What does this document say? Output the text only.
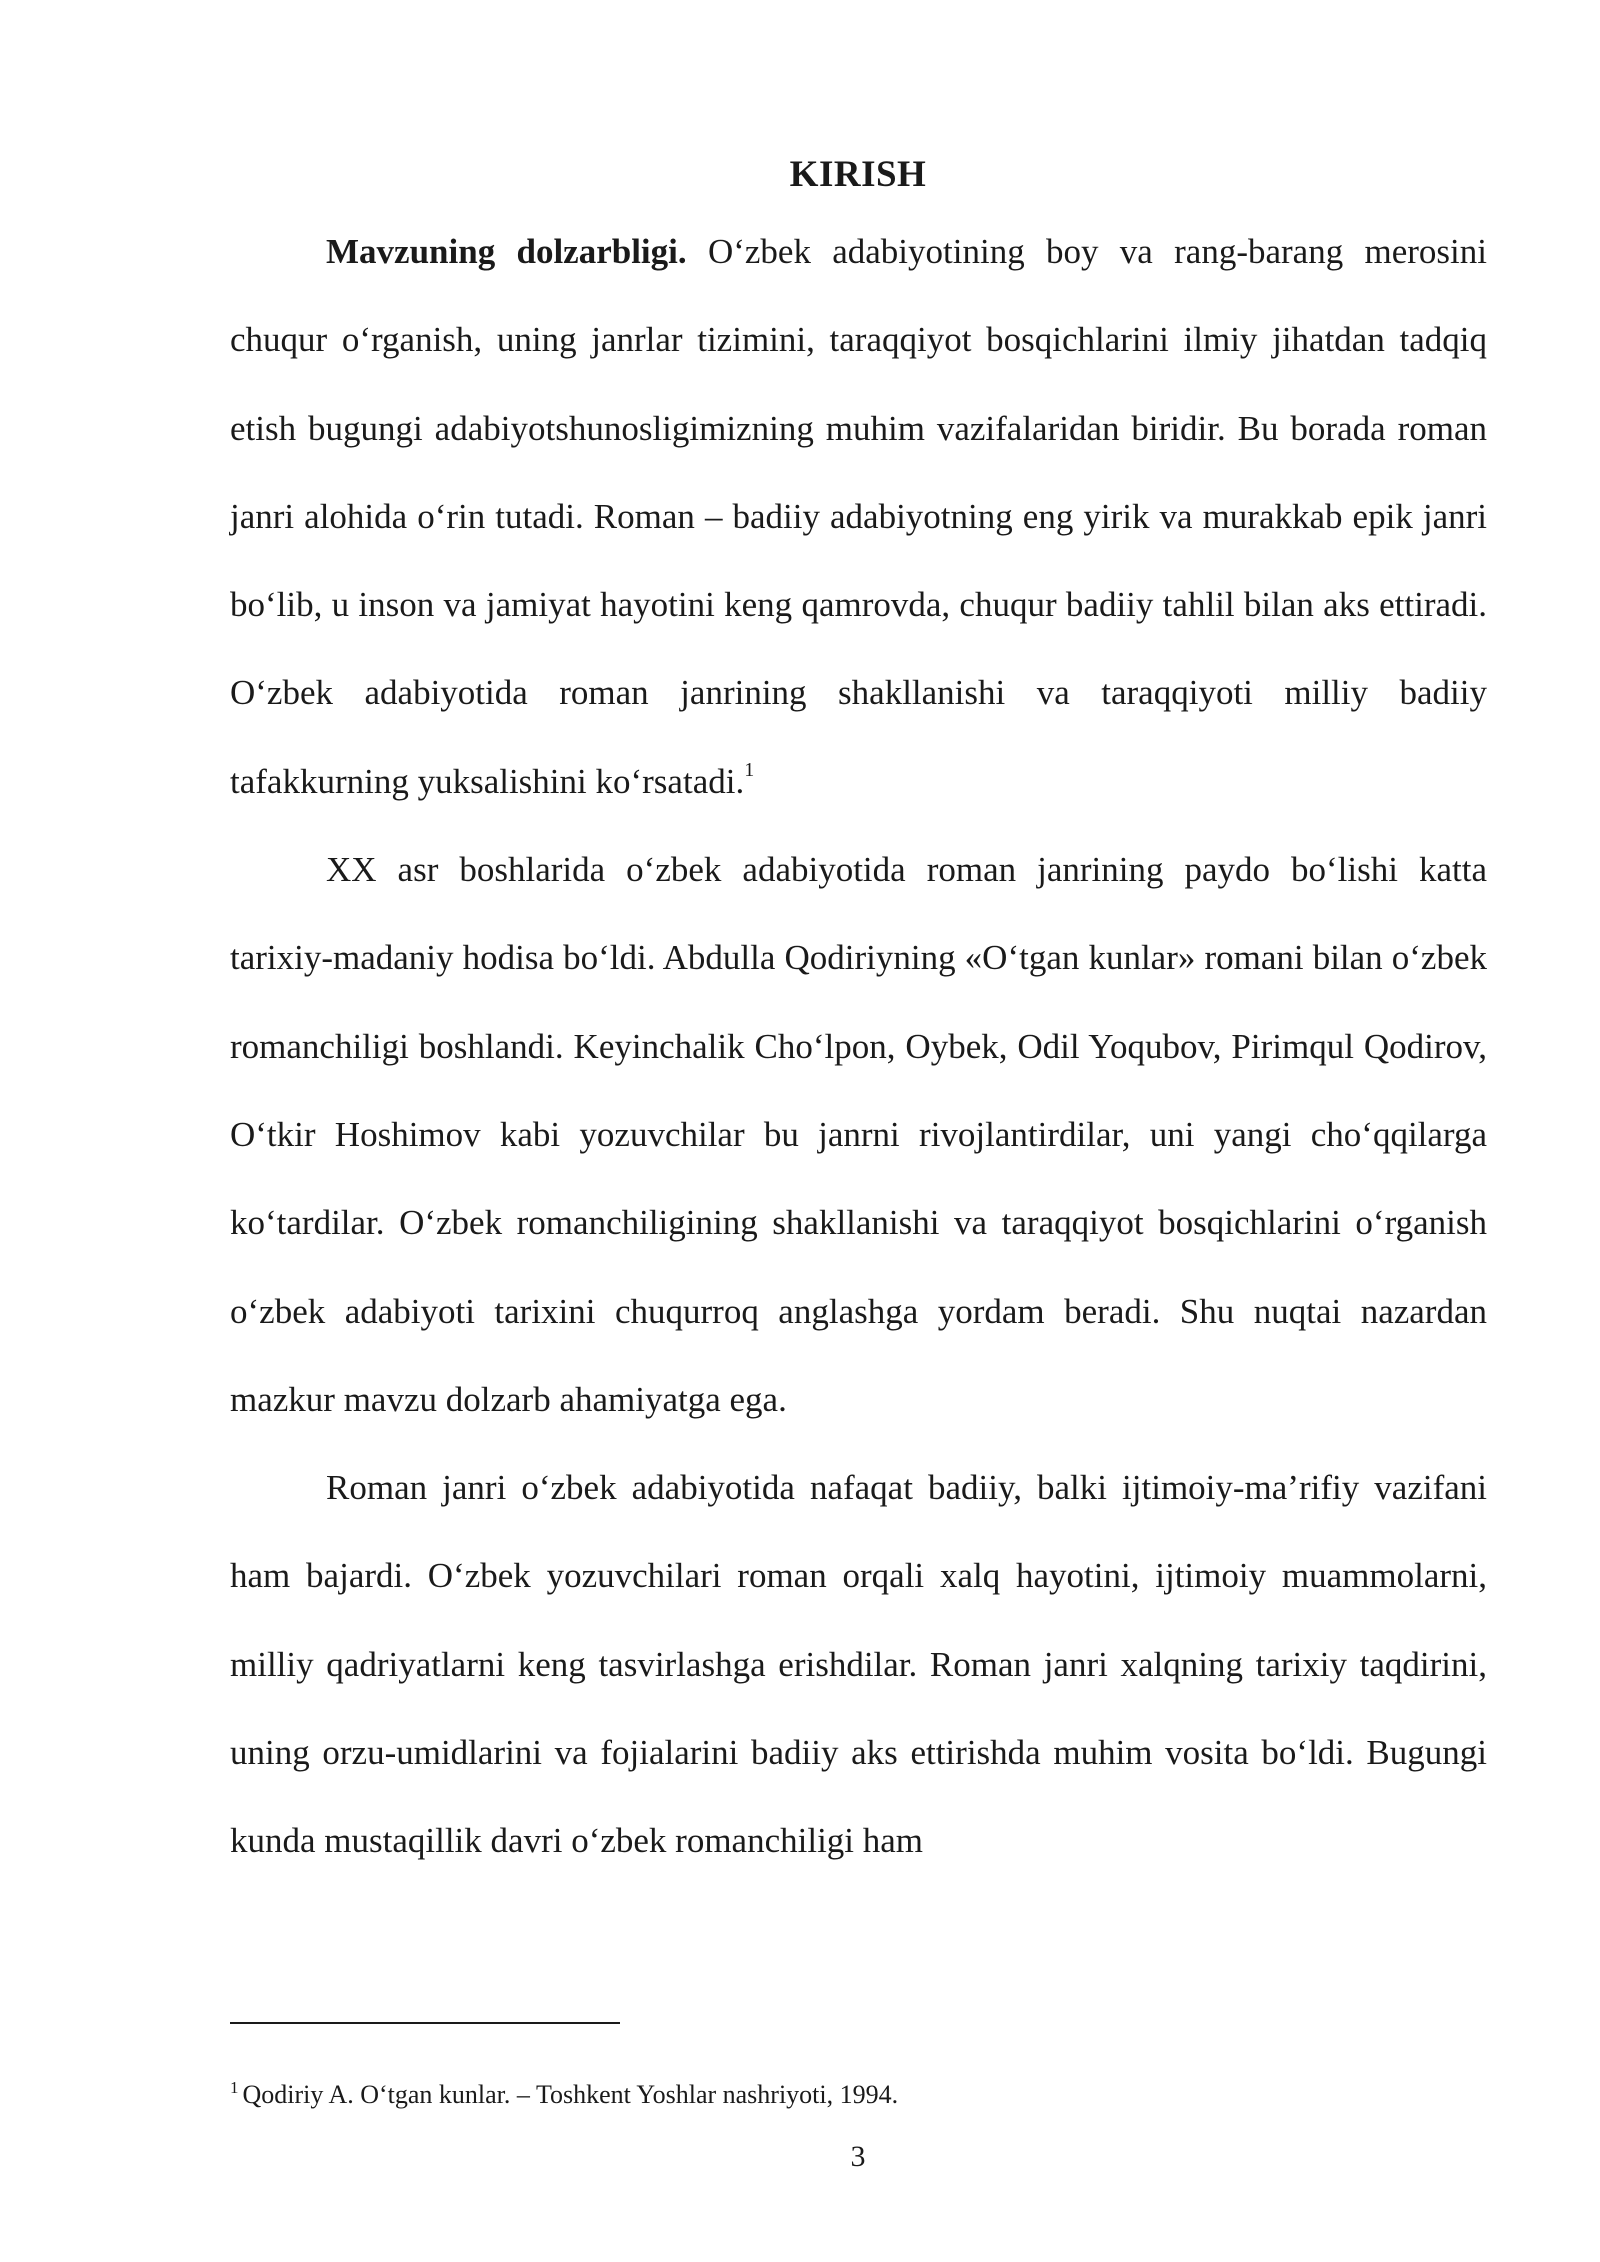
KIRISH

Mavzuning dolzarbligi. O‘zbek adabiyotining boy va rang-barang merosini chuqur o‘rganish, uning janrlar tizimini, taraqqiyot bosqichlarini ilmiy jihatdan tadqiq etish bugungi adabiyotshunosligimizning muhim vazifalaridan biridir. Bu borada roman janri alohida o‘rin tutadi. Roman – badiiy adabiyotning eng yirik va murakkab epik janri bo‘lib, u inson va jamiyat hayotini keng qamrovda, chuqur badiiy tahlil bilan aks ettiradi. O‘zbek adabiyotida roman janrining shakllanishi va taraqqiyoti milliy badiiy tafakkurning yuksalishini ko‘rsatadi.$^1$

XX asr boshlarida o‘zbek adabiyotida roman janrining paydo bo‘lishi katta tarixiy-madaniy hodisa bo‘ldi. Abdulla Qodiriyning «O‘tgan kunlar» romani bilan o‘zbek romanchiligi boshlandi. Keyinchalik Cho‘lpon, Oybek, Odil Yoqubov, Pirimqul Qodirov, O‘tkir Hoshimov kabi yozuvchilar bu janrni rivojlantirdilar, uni yangi cho‘qqilarga ko‘tardilar. O‘zbek romanchiligining shakllanishi va taraqqiyot bosqichlarini o‘rganish o‘zbek adabiyoti tarixini chuqurroq anglashga yordam beradi. Shu nuqtai nazardan mazkur mavzu dolzarb ahamiyatga ega.

Roman janri o‘zbek adabiyotida nafaqat badiiy, balki ijtimoiy-ma’rifiy vazifani ham bajardi. O‘zbek yozuvchilari roman orqali xalq hayotini, ijtimoiy muammolarni, milliy qadriyatlarni keng tasvirlashga erishdilar. Roman janri xalqning tarixiy taqdirini, uning orzu-umidlarini va fojialarini badiiy aks ettirishda muhim vosita bo‘ldi. Bugungi kunda mustaqillik davri o‘zbek romanchiligi ham

$^1$ Qodiriy A. O‘tgan kunlar. – Toshkent Yoshlar nashriyoti, 1994.

3
